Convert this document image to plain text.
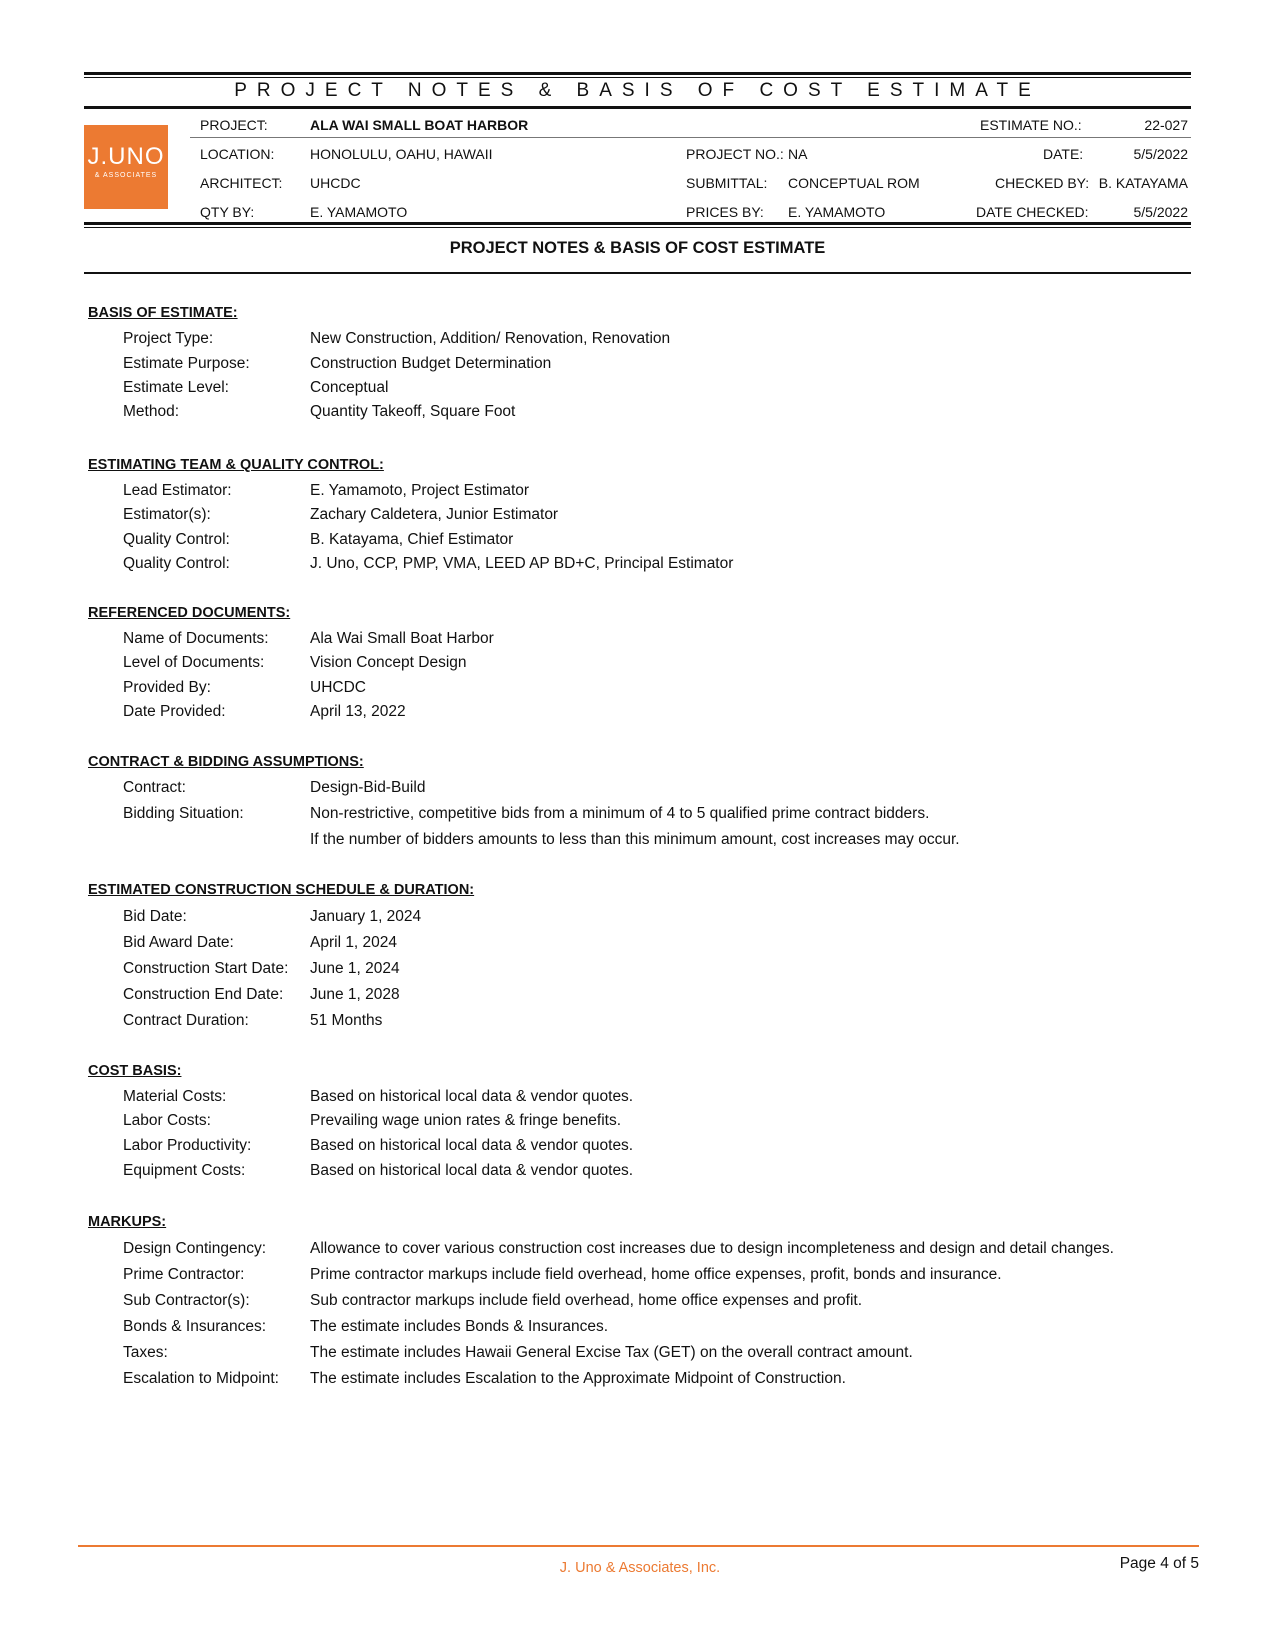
PROJECT NOTES & BASIS OF COST ESTIMATE
J.UNO
& ASSOCIATES
PROJECT:	ALA WAI SMALL BOAT HARBOR	ESTIMATE NO.:	22-027
LOCATION:	HONOLULU, OAHU, HAWAII	PROJECT NO.: NA	DATE:	5/5/2022
ARCHITECT: UHCDC	SUBMITTAL: CONCEPTUAL ROM	CHECKED BY: B. KATAYAMA
QTY BY:	E. YAMAMOTO	PRICES BY: E. YAMAMOTO	DATE CHECKED:	5/5/2022
PROJECT NOTES & BASIS OF COST ESTIMATE
BASIS OF ESTIMATE:
Project Type:	New Construction, Addition/ Renovation, Renovation
Estimate Purpose:	Construction Budget Determination
Estimate Level:	Conceptual
Method:	Quantity Takeoff, Square Foot
ESTIMATING TEAM & QUALITY CONTROL:
Lead Estimator:	E. Yamamoto, Project Estimator
Estimator(s):	Zachary Caldetera, Junior Estimator
Quality Control:	B. Katayama, Chief Estimator
Quality Control:	J. Uno, CCP, PMP, VMA, LEED AP BD+C, Principal Estimator
REFERENCED DOCUMENTS:
Name of Documents:	Ala Wai Small Boat Harbor
Level of Documents:	Vision Concept Design
Provided By:	UHCDC
Date Provided:	April 13, 2022
CONTRACT & BIDDING ASSUMPTIONS:
Contract:	Design-Bid-Build
Bidding Situation:	Non-restrictive, competitive bids from a minimum of 4 to 5 qualified prime contract bidders.
If the number of bidders amounts to less than this minimum amount, cost increases may occur.
ESTIMATED CONSTRUCTION SCHEDULE & DURATION:
Bid Date:	January 1, 2024
Bid Award Date:	April 1, 2024
Construction Start Date: June 1, 2024
Construction End Date: June 1, 2028
Contract Duration:	51 Months
COST BASIS:
Material Costs:	Based on historical local data & vendor quotes.
Labor Costs:	Prevailing wage union rates & fringe benefits.
Labor Productivity:	Based on historical local data & vendor quotes.
Equipment Costs:	Based on historical local data & vendor quotes.
MARKUPS:
Design Contingency:	Allowance to cover various construction cost increases due to design incompleteness and design and detail changes.
Prime Contractor:	Prime contractor markups include field overhead, home office expenses, profit, bonds and insurance.
Sub Contractor(s):	Sub contractor markups include field overhead, home office expenses and profit.
Bonds & Insurances:	The estimate includes Bonds & Insurances.
Taxes:	The estimate includes Hawaii General Excise Tax (GET) on the overall contract amount.
Escalation to Midpoint: The estimate includes Escalation to the Approximate Midpoint of Construction.
J. Uno & Associates, Inc.	Page 4 of 5
